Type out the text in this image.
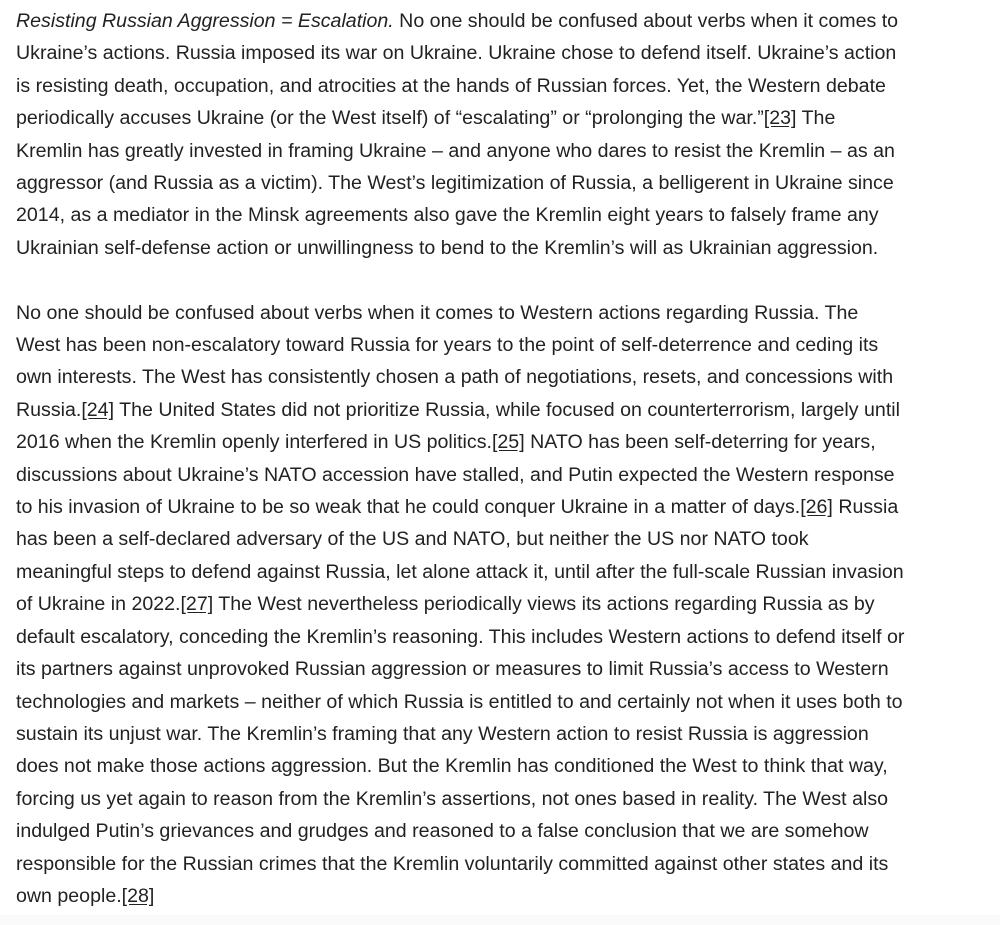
Resisting Russian Aggression = Escalation. No one should be confused about verbs when it comes to
Ukraine’s actions. Russia imposed its war on Ukraine. Ukraine chose to defend itself. Ukraine’s action
is resisting death, occupation, and atrocities at the hands of Russian forces. Yet, the Western debate
periodically accuses Ukraine (or the West itself) of “escalating” or “prolonging the war.”[23] The
Kremlin has greatly invested in framing Ukraine – and anyone who dares to resist the Kremlin – as an
aggressor (and Russia as a victim). The West’s legitimization of Russia, a belligerent in Ukraine since
2014, as a mediator in the Minsk agreements also gave the Kremlin eight years to falsely frame any
Ukrainian self-defense action or unwillingness to bend to the Kremlin’s will as Ukrainian aggression.

No one should be confused about verbs when it comes to Western actions regarding Russia. The
West has been non-escalatory toward Russia for years to the point of self-deterrence and ceding its
own interests. The West has consistently chosen a path of negotiations, resets, and concessions with
Russia.[24] The United States did not prioritize Russia, while focused on counterterrorism, largely until
2016 when the Kremlin openly interfered in US politics.[25] NATO has been self-deterring for years,
discussions about Ukraine’s NATO accession have stalled, and Putin expected the Western response
to his invasion of Ukraine to be so weak that he could conquer Ukraine in a matter of days.[26] Russia
has been a self-declared adversary of the US and NATO, but neither the US nor NATO took
meaningful steps to defend against Russia, let alone attack it, until after the full-scale Russian invasion
of Ukraine in 2022.[27] The West nevertheless periodically views its actions regarding Russia as by
default escalatory, conceding the Kremlin’s reasoning. This includes Western actions to defend itself or
its partners against unprovoked Russian aggression or measures to limit Russia’s access to Western
technologies and markets – neither of which Russia is entitled to and certainly not when it uses both to
sustain its unjust war. The Kremlin’s framing that any Western action to resist Russia is aggression
does not make those actions aggression. But the Kremlin has conditioned the West to think that way,
forcing us yet again to reason from the Kremlin’s assertions, not ones based in reality. The West also
indulged Putin’s grievances and grudges and reasoned to a false conclusion that we are somehow
responsible for the Russian crimes that the Kremlin voluntarily committed against other states and its
own people.[28]
